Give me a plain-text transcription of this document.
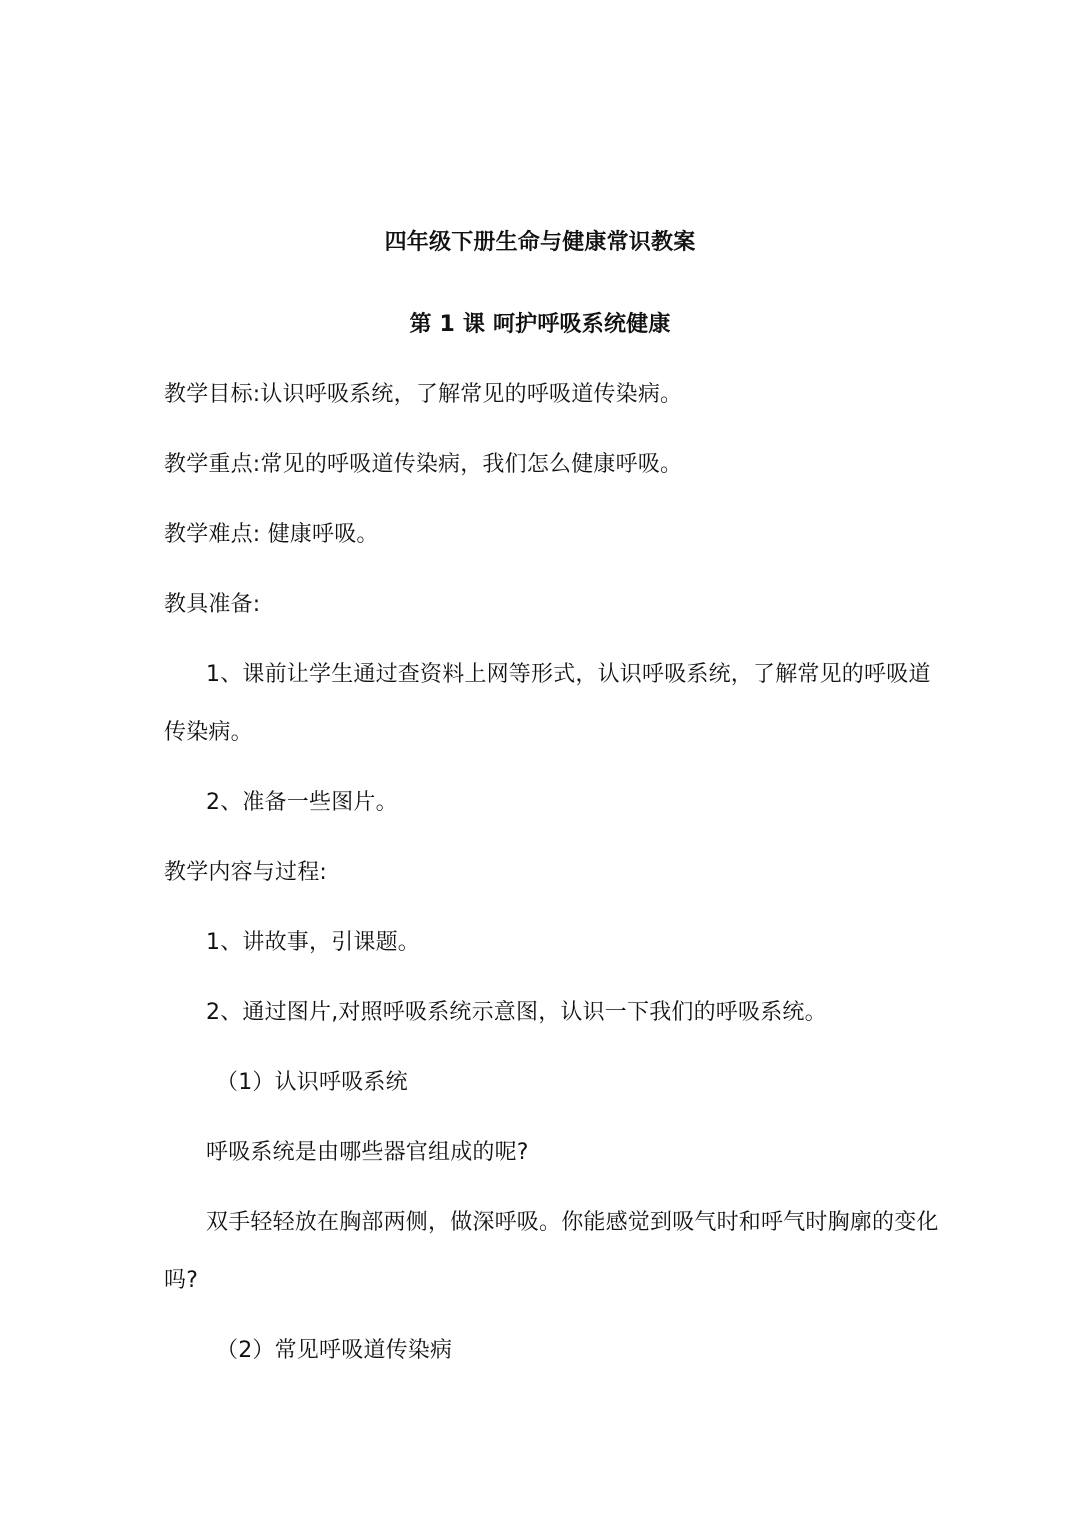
四年级下册生命与健康常识教案
第 1 课 呵护呼吸系统健康
教学目标:认识呼吸系统，了解常见的呼吸道传染病。
教学重点:常见的呼吸道传染病，我们怎么健康呼吸。
教学难点: 健康呼吸。
教具准备:
1、课前让学生通过查资料上网等形式，认识呼吸系统，了解常见的呼吸道
传染病。
2、准备一些图片。
教学内容与过程:
1、讲故事，引课题。
2、通过图片,对照呼吸系统示意图，认识一下我们的呼吸系统。
（1）认识呼吸系统
呼吸系统是由哪些器官组成的呢?
双手轻轻放在胸部两侧，做深呼吸。你能感觉到吸气时和呼气时胸廓的变化
吗?
（2）常见呼吸道传染病
